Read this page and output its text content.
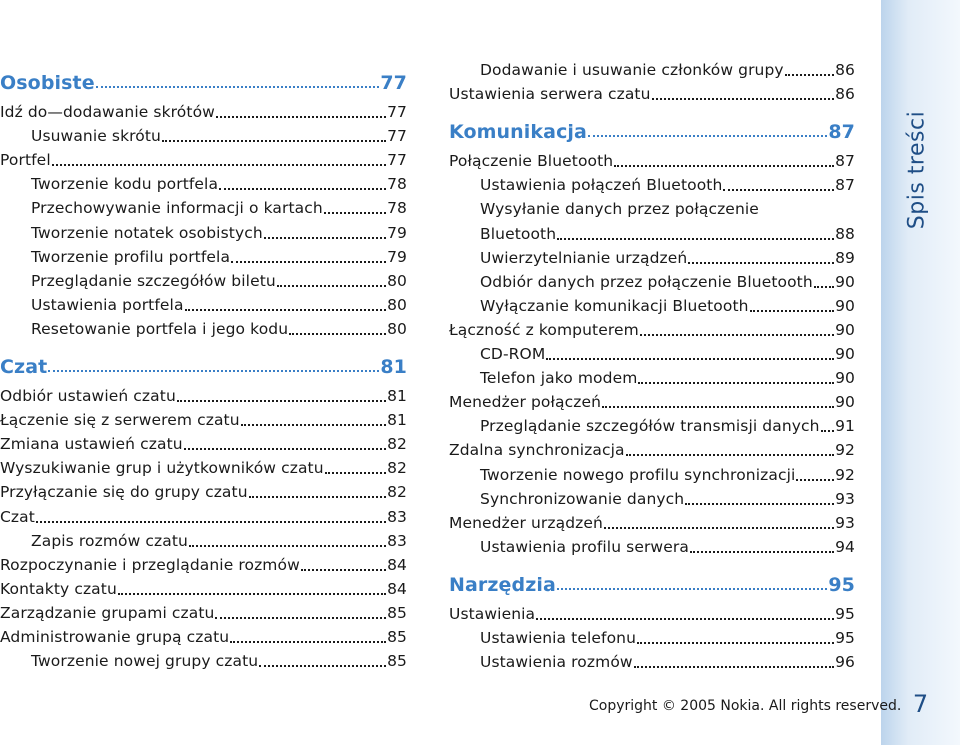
Osobiste	77
Idź do—dodawanie skrótów	77
Usuwanie skrótu	77
Portfel	77
Tworzenie kodu portfela	78
Przechowywanie informacji o kartach	78
Tworzenie notatek osobistych	79
Tworzenie profilu portfela	79
Przeglądanie szczegółów biletu	80
Ustawienia portfela	80
Resetowanie portfela i jego kodu	80
Czat	81
Odbiór ustawień czatu	81
Łączenie się z serwerem czatu	81
Zmiana ustawień czatu	82
Wyszukiwanie grup i użytkowników czatu	82
Przyłączanie się do grupy czatu	82
Czat	83
Zapis rozmów czatu	83
Rozpoczynanie i przeglądanie rozmów	84
Kontakty czatu	84
Zarządzanie grupami czatu	85
Administrowanie grupą czatu	85
Tworzenie nowej grupy czatu	85
Dodawanie i usuwanie członków grupy	86
Ustawienia serwera czatu	86
Komunikacja	87
Połączenie Bluetooth	87
Ustawienia połączeń Bluetooth	87
Wysyłanie danych przez połączenie
Bluetooth	88
Uwierzytelnianie urządzeń	89
Odbiór danych przez połączenie Bluetooth 90
Wyłączanie komunikacji Bluetooth	90
Łączność z komputerem	90
CD-ROM	90
Telefon jako modem	90
Menedżer połączeń	90
Przeglądanie szczegółów transmisji danych 91
Zdalna synchronizacja	92
Tworzenie nowego profilu synchronizacji	92
Synchronizowanie danych	93
Menedżer urządzeń	93
Ustawienia profilu serwera	94
Narzędzia	95
Ustawienia	95
Ustawienia telefonu	95
Ustawienia rozmów	96
Spis treści
7
Copyright © 2005 Nokia. All rights reserved.
